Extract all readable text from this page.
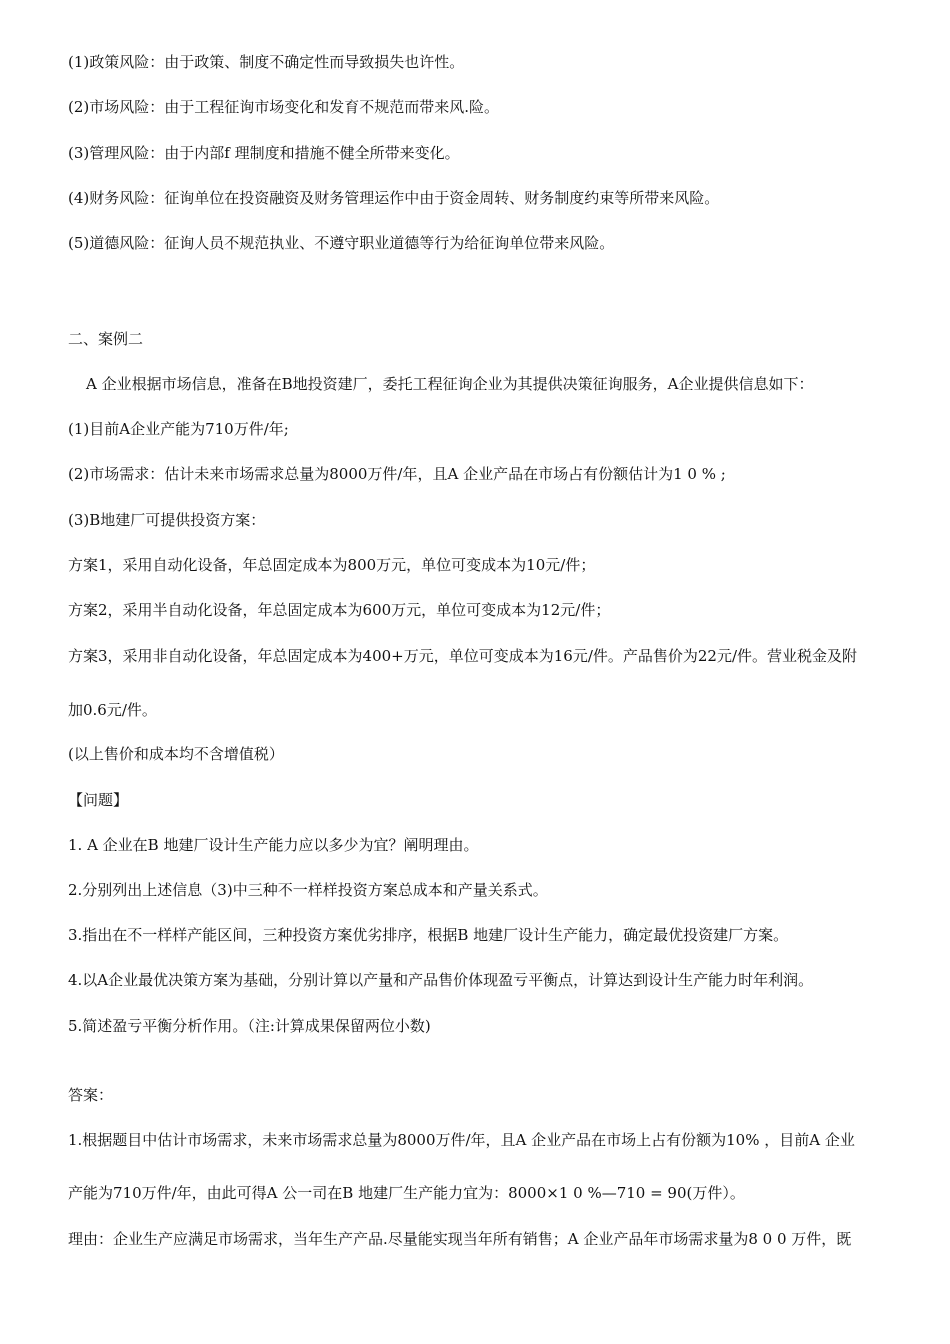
(1)政策风险：由于政策、制度不确定性而导致损失也许性。
(2)市场风险：由于工程征询市场变化和发育不规范而带来风.险。
(3)管理风险：由于内部f 理制度和措施不健全所带来变化。
(4)财务风险：征询单位在投资融资及财务管理运作中由于资金周转、财务制度约束等所带来风险。
(5)道德风险：征询人员不规范执业、不遵守职业道德等行为给征询单位带来风险。
二、案例二
A 企业根据市场信息，准备在B地投资建厂，委托工程征询企业为其提供决策征询服务，A企业提供信息如下：
(1)目前A企业产能为710万件/年;
(2)市场需求：估计未来市场需求总量为8000万件/年，且A 企业产品在市场占有份额估计为1 0 % ;
(3)B地建厂可提供投资方案：
方案1，采用自动化设备，年总固定成本为800万元，单位可变成本为10元/件；
方案2，采用半自动化设备，年总固定成本为600万元，单位可变成本为12元/件；
方案3，采用非自动化设备，年总固定成本为400+万元，单位可变成本为16元/件。产品售价为22元/件。营业税金及附
加0.6元/件。
(以上售价和成本均不含增值税）
【问题】
1. A 企业在B 地建厂设计生产能力应以多少为宜？阐明理由。
2.分别列出上述信息（3)中三种不一样样投资方案总成本和产量关系式。
3.指出在不一样样产能区间，三种投资方案优劣排序，根据B 地建厂设计生产能力，确定最优投资建厂方案。
4.以A企业最优决策方案为基础，分别计算以产量和产品售价体现盈亏平衡点，计算达到设计生产能力时年利润。
5.简述盈亏平衡分析作用。（注:计算成果保留两位小数)
答案：
1.根据题目中估计市场需求，未来市场需求总量为8000万件/年，且A 企业产品在市场上占有份额为10% ，目前A 企业
产能为710万件/年，由此可得A 公一司在B 地建厂生产能力宜为：8000×1 0 %—710 = 90(万件）。
理由：企业生产应满足市场需求，当年生产产品.尽量能实现当年所有销售；A 企业产品年市场需求量为8 0 0 万件，既
